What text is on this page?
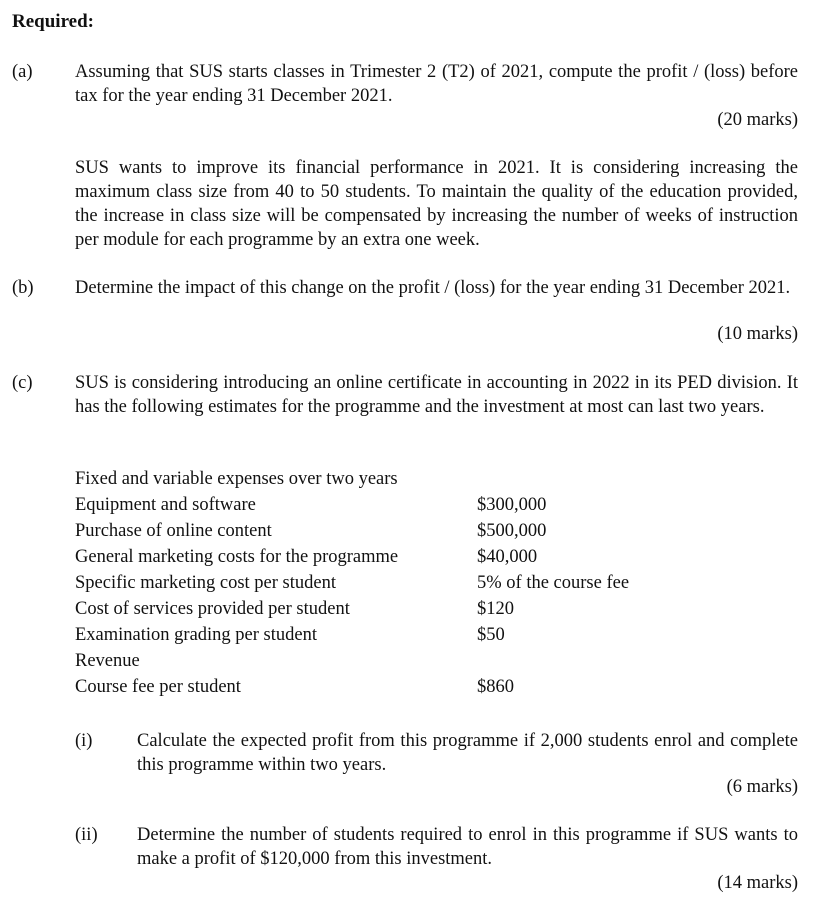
Required:
(a) Assuming that SUS starts classes in Trimester 2 (T2) of 2021, compute the profit / (loss) before tax for the year ending 31 December 2021.
(20 marks)
SUS wants to improve its financial performance in 2021. It is considering increasing the maximum class size from 40 to 50 students. To maintain the quality of the education provided, the increase in class size will be compensated by increasing the number of weeks of instruction per module for each programme by an extra one week.
(b) Determine the impact of this change on the profit / (loss) for the year ending 31 December 2021.
(10 marks)
(c) SUS is considering introducing an online certificate in accounting in 2022 in its PED division. It has the following estimates for the programme and the investment at most can last two years.
Fixed and variable expenses over two years
Equipment and software	$300,000
Purchase of online content	$500,000
General marketing costs for the programme	$40,000
Specific marketing cost per student	5% of the course fee
Cost of services provided per student	$120
Examination grading per student	$50
Revenue
Course fee per student	$860
(i) Calculate the expected profit from this programme if 2,000 students enrol and complete this programme within two years.
(6 marks)
(ii) Determine the number of students required to enrol in this programme if SUS wants to make a profit of $120,000 from this investment.
(14 marks)
